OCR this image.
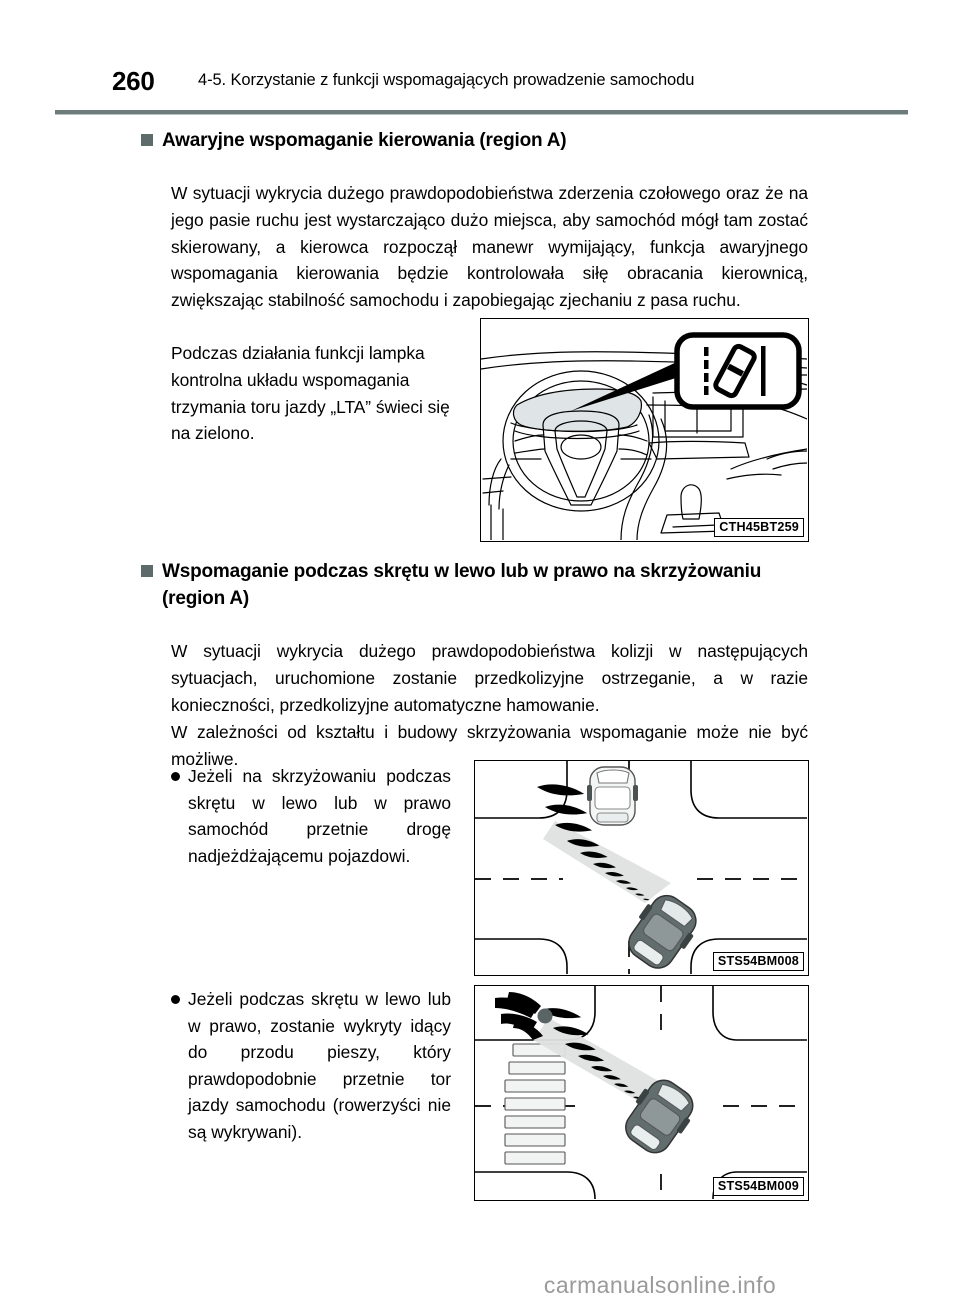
260	4-5. Korzystanie z funkcji wspomagających prowadzenie samochodu
Awaryjne wspomaganie kierowania (region A)

W sytuacji wykrycia dużego prawdopodobieństwa zderzenia czołowego oraz że na jego pasie ruchu jest wystarczająco dużo miejsca, aby samochód mógł tam zostać skierowany, a kierowca rozpoczął manewr wymijający, funkcja awaryjnego wspomagania kierowania będzie kontrolowała siłę obracania kierownicą, zwiększając stabilność samochodu i zapobiegając zjechaniu z pasa ruchu.

Podczas działania funkcji lampka kontrolna układu wspomagania trzymania toru jazdy „LTA” świeci się na zielono.

CTH45BT259
Wspomaganie podczas skrętu w lewo lub w prawo na skrzyżowaniu (region A)

W sytuacji wykrycia dużego prawdopodobieństwa kolizji w następujących sytuacjach, uruchomione zostanie przedkolizyjne ostrzeganie, a w razie konieczności, przedkolizyjne automatyczne hamowanie.

W zależności od kształtu i budowy skrzyżowania wspomaganie może nie być możliwe.

Jeżeli na skrzyżowaniu podczas skrętu w lewo lub w prawo samochód przetnie drogę nadjeżdżającemu pojazdowi.
STS54BM008
Jeżeli podczas skrętu w lewo lub w prawo, zostanie wykryty idący do przodu pieszy, który prawdopodobnie przetnie tor jazdy samochodu (rowerzyści nie są wykrywani).
STS54BM009
carmanualsonline.info
